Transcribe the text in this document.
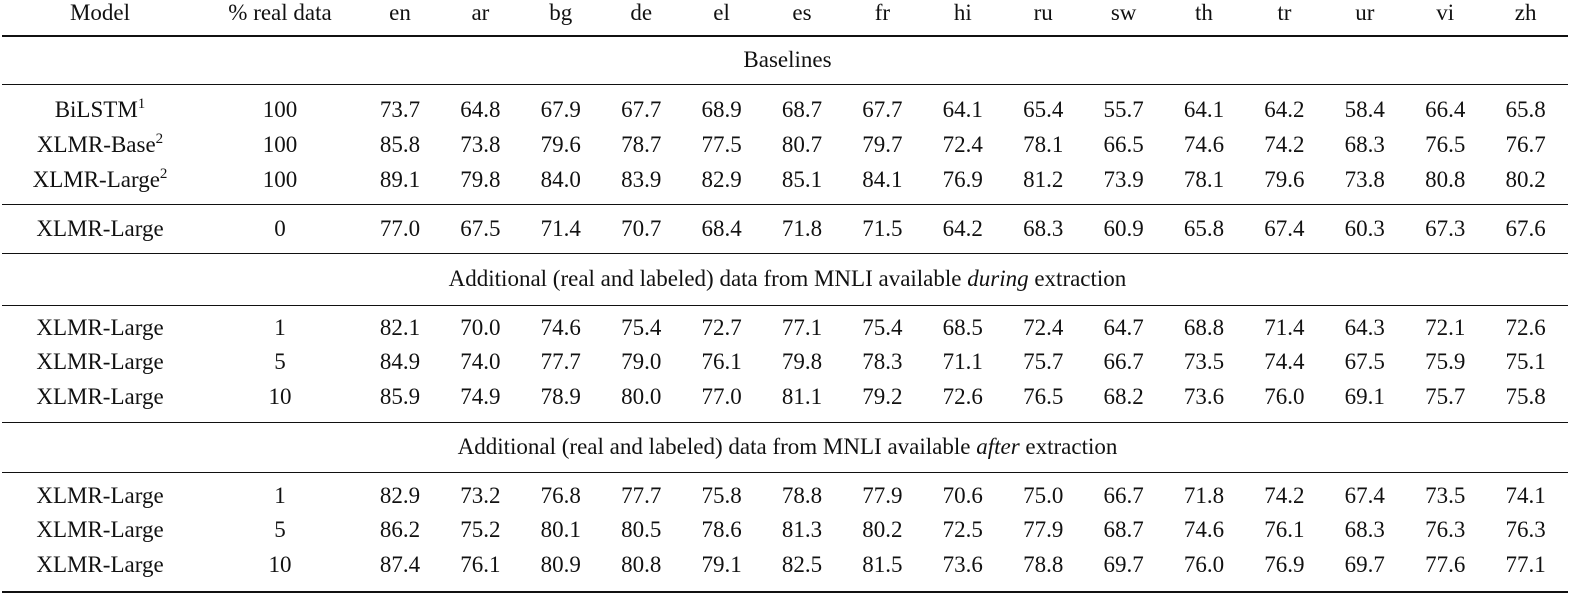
Model	% real data	en	ar	bg	de	el	es	fr	hi	ru	sw	th	tr	ur	vi	zh
Baselines
BiLSTM$^1$	100	73.7	64.8	67.9	67.7	68.9	68.7	67.7	64.1	65.4	55.7	64.1	64.2	58.4	66.4	65.8
XLMR-Base$^2$	100	85.8	73.8	79.6	78.7	77.5	80.7	79.7	72.4	78.1	66.5	74.6	74.2	68.3	76.5	76.7
XLMR-Large$^2$	100	89.1	79.8	84.0	83.9	82.9	85.1	84.1	76.9	81.2	73.9	78.1	79.6	73.8	80.8	80.2
XLMR-Large	0	77.0	67.5	71.4	70.7	68.4	71.8	71.5	64.2	68.3	60.9	65.8	67.4	60.3	67.3	67.6
Additional (real and labeled) data from MNLI available during extraction
XLMR-Large	1	82.1	70.0	74.6	75.4	72.7	77.1	75.4	68.5	72.4	64.7	68.8	71.4	64.3	72.1	72.6
XLMR-Large	5	84.9	74.0	77.7	79.0	76.1	79.8	78.3	71.1	75.7	66.7	73.5	74.4	67.5	75.9	75.1
XLMR-Large	10	85.9	74.9	78.9	80.0	77.0	81.1	79.2	72.6	76.5	68.2	73.6	76.0	69.1	75.7	75.8
Additional (real and labeled) data from MNLI available after extraction
XLMR-Large	1	82.9	73.2	76.8	77.7	75.8	78.8	77.9	70.6	75.0	66.7	71.8	74.2	67.4	73.5	74.1
XLMR-Large	5	86.2	75.2	80.1	80.5	78.6	81.3	80.2	72.5	77.9	68.7	74.6	76.1	68.3	76.3	76.3
XLMR-Large	10	87.4	76.1	80.9	80.8	79.1	82.5	81.5	73.6	78.8	69.7	76.0	76.9	69.7	77.6	77.1
